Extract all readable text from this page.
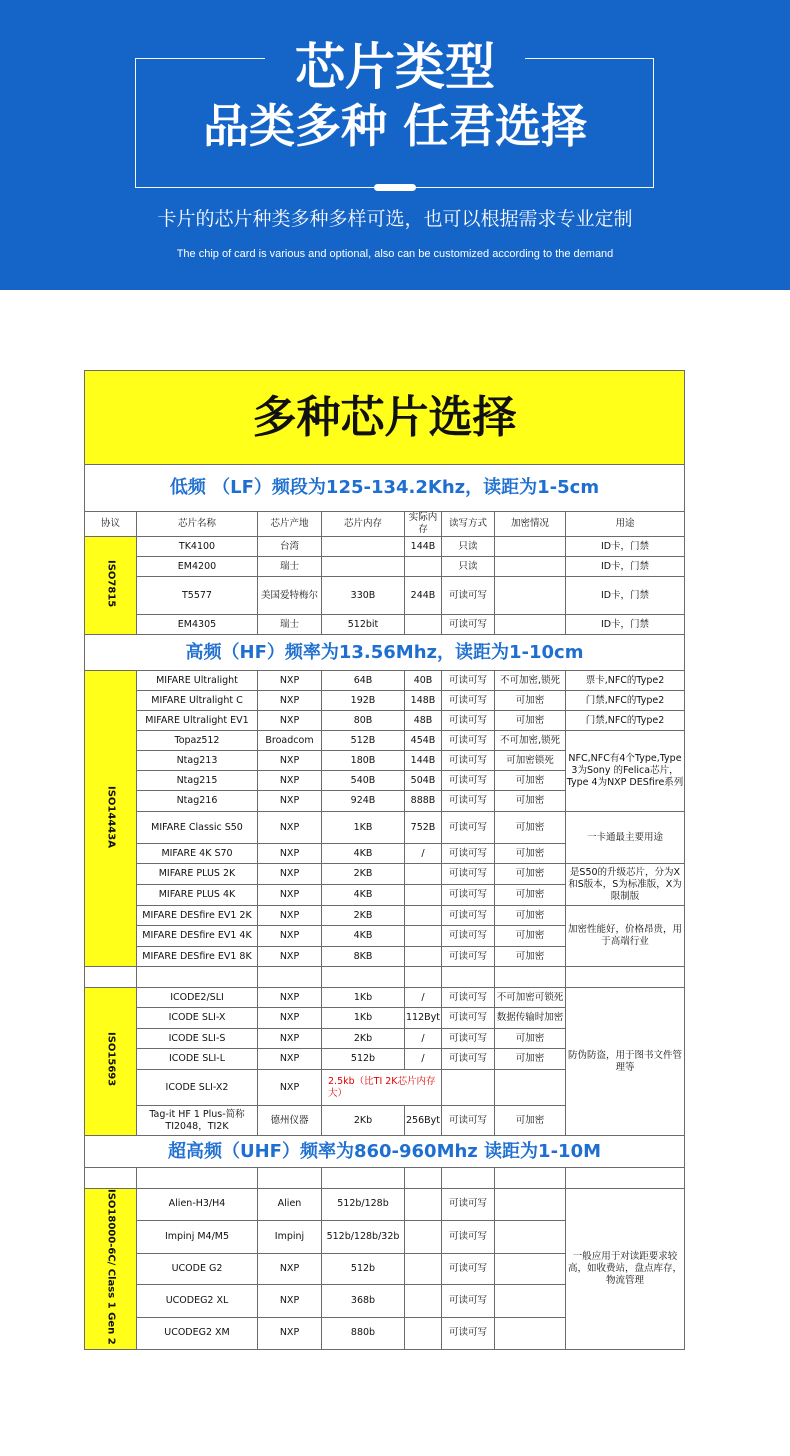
芯片类型
品类多种 任君选择
卡片的芯片种类多种多样可选，也可以根据需求专业定制
The chip of card is various and optional, also can be customized according to the demand
多种芯片选择							
低频 （LF）频段为125-134.2Khz，读距为1-5cm							
协议	芯片名称	芯片产地	芯片内存	实际内存	读写方式	加密情况	用途
ISO7815	TK4100	台湾		144B	只读		ID卡，门禁
	EM4200	瑞士			只读		ID卡，门禁
	T5577	美国爱特梅尔	330B	244B	可读可写		ID卡，门禁
	EM4305	瑞士	512bit		可读可写		ID卡，门禁
高频（HF）频率为13.56Mhz，读距为1-10cm							
ISO14443A	MIFARE Ultralight	NXP	64B	40B	可读可写	不可加密,锁死	票卡,NFC的Type2
	MIFARE Ultralight C	NXP	192B	148B	可读可写	可加密	门禁,NFC的Type2
	MIFARE Ultralight EV1	NXP	80B	48B	可读可写	可加密	门禁,NFC的Type2
	Topaz512	Broadcom	512B	454B	可读可写	不可加密,锁死	NFC,NFC有4个Type,Type 3为Sony 的Felica芯片，Type 4为NXP DESfire系列
	Ntag213	NXP	180B	144B	可读可写	可加密锁死	
	Ntag215	NXP	540B	504B	可读可写	可加密	
	Ntag216	NXP	924B	888B	可读可写	可加密	
	MIFARE Classic S50	NXP	1KB	752B	可读可写	可加密	一卡通最主要用途
	MIFARE 4K S70	NXP	4KB	/	可读可写	可加密	
	MIFARE PLUS 2K	NXP	2KB		可读可写	可加密	是S50的升级芯片，分为X和S版本，S为标准版，X为限制版
	MIFARE PLUS 4K	NXP	4KB		可读可写	可加密	
	MIFARE DESfire EV1 2K	NXP	2KB		可读可写	可加密	加密性能好，价格昂贵，用于高端行业
	MIFARE DESfire EV1 4K	NXP	4KB		可读可写	可加密	
	MIFARE DESfire EV1 8K	NXP	8KB		可读可写	可加密	

ISO15693	ICODE2/SLI	NXP	1Kb	/	可读可写	不可加密可锁死	防伪防盗，用于图书文件管理等
	ICODE SLI-X	NXP	1Kb	112Byt	可读可写	数据传输时加密	
	ICODE SLI-S	NXP	2Kb	/	可读可写	可加密	
	ICODE SLI-L	NXP	512b	/	可读可写	可加密	
	ICODE SLI-X2	NXP	2.5kb（比TI 2K芯片内存大）				
	Tag-it HF 1 Plus-简称TI2048，TI2K	德州仪器	2Kb	256Byt	可读可写	可加密	
超高频（UHF）频率为860-960Mhz 读距为1-10M							

ISO18000-6C/ Class 1 Gen 2	Alien-H3/H4	Alien	512b/128b		可读可写		一般应用于对读距要求较高，如收费站，盘点库存，物流管理
	Impinj M4/M5	Impinj	512b/128b/32b		可读可写		
	UCODE G2	NXP	512b		可读可写		
	UCODEG2 XL	NXP	368b		可读可写		
	UCODEG2 XM	NXP	880b		可读可写		
